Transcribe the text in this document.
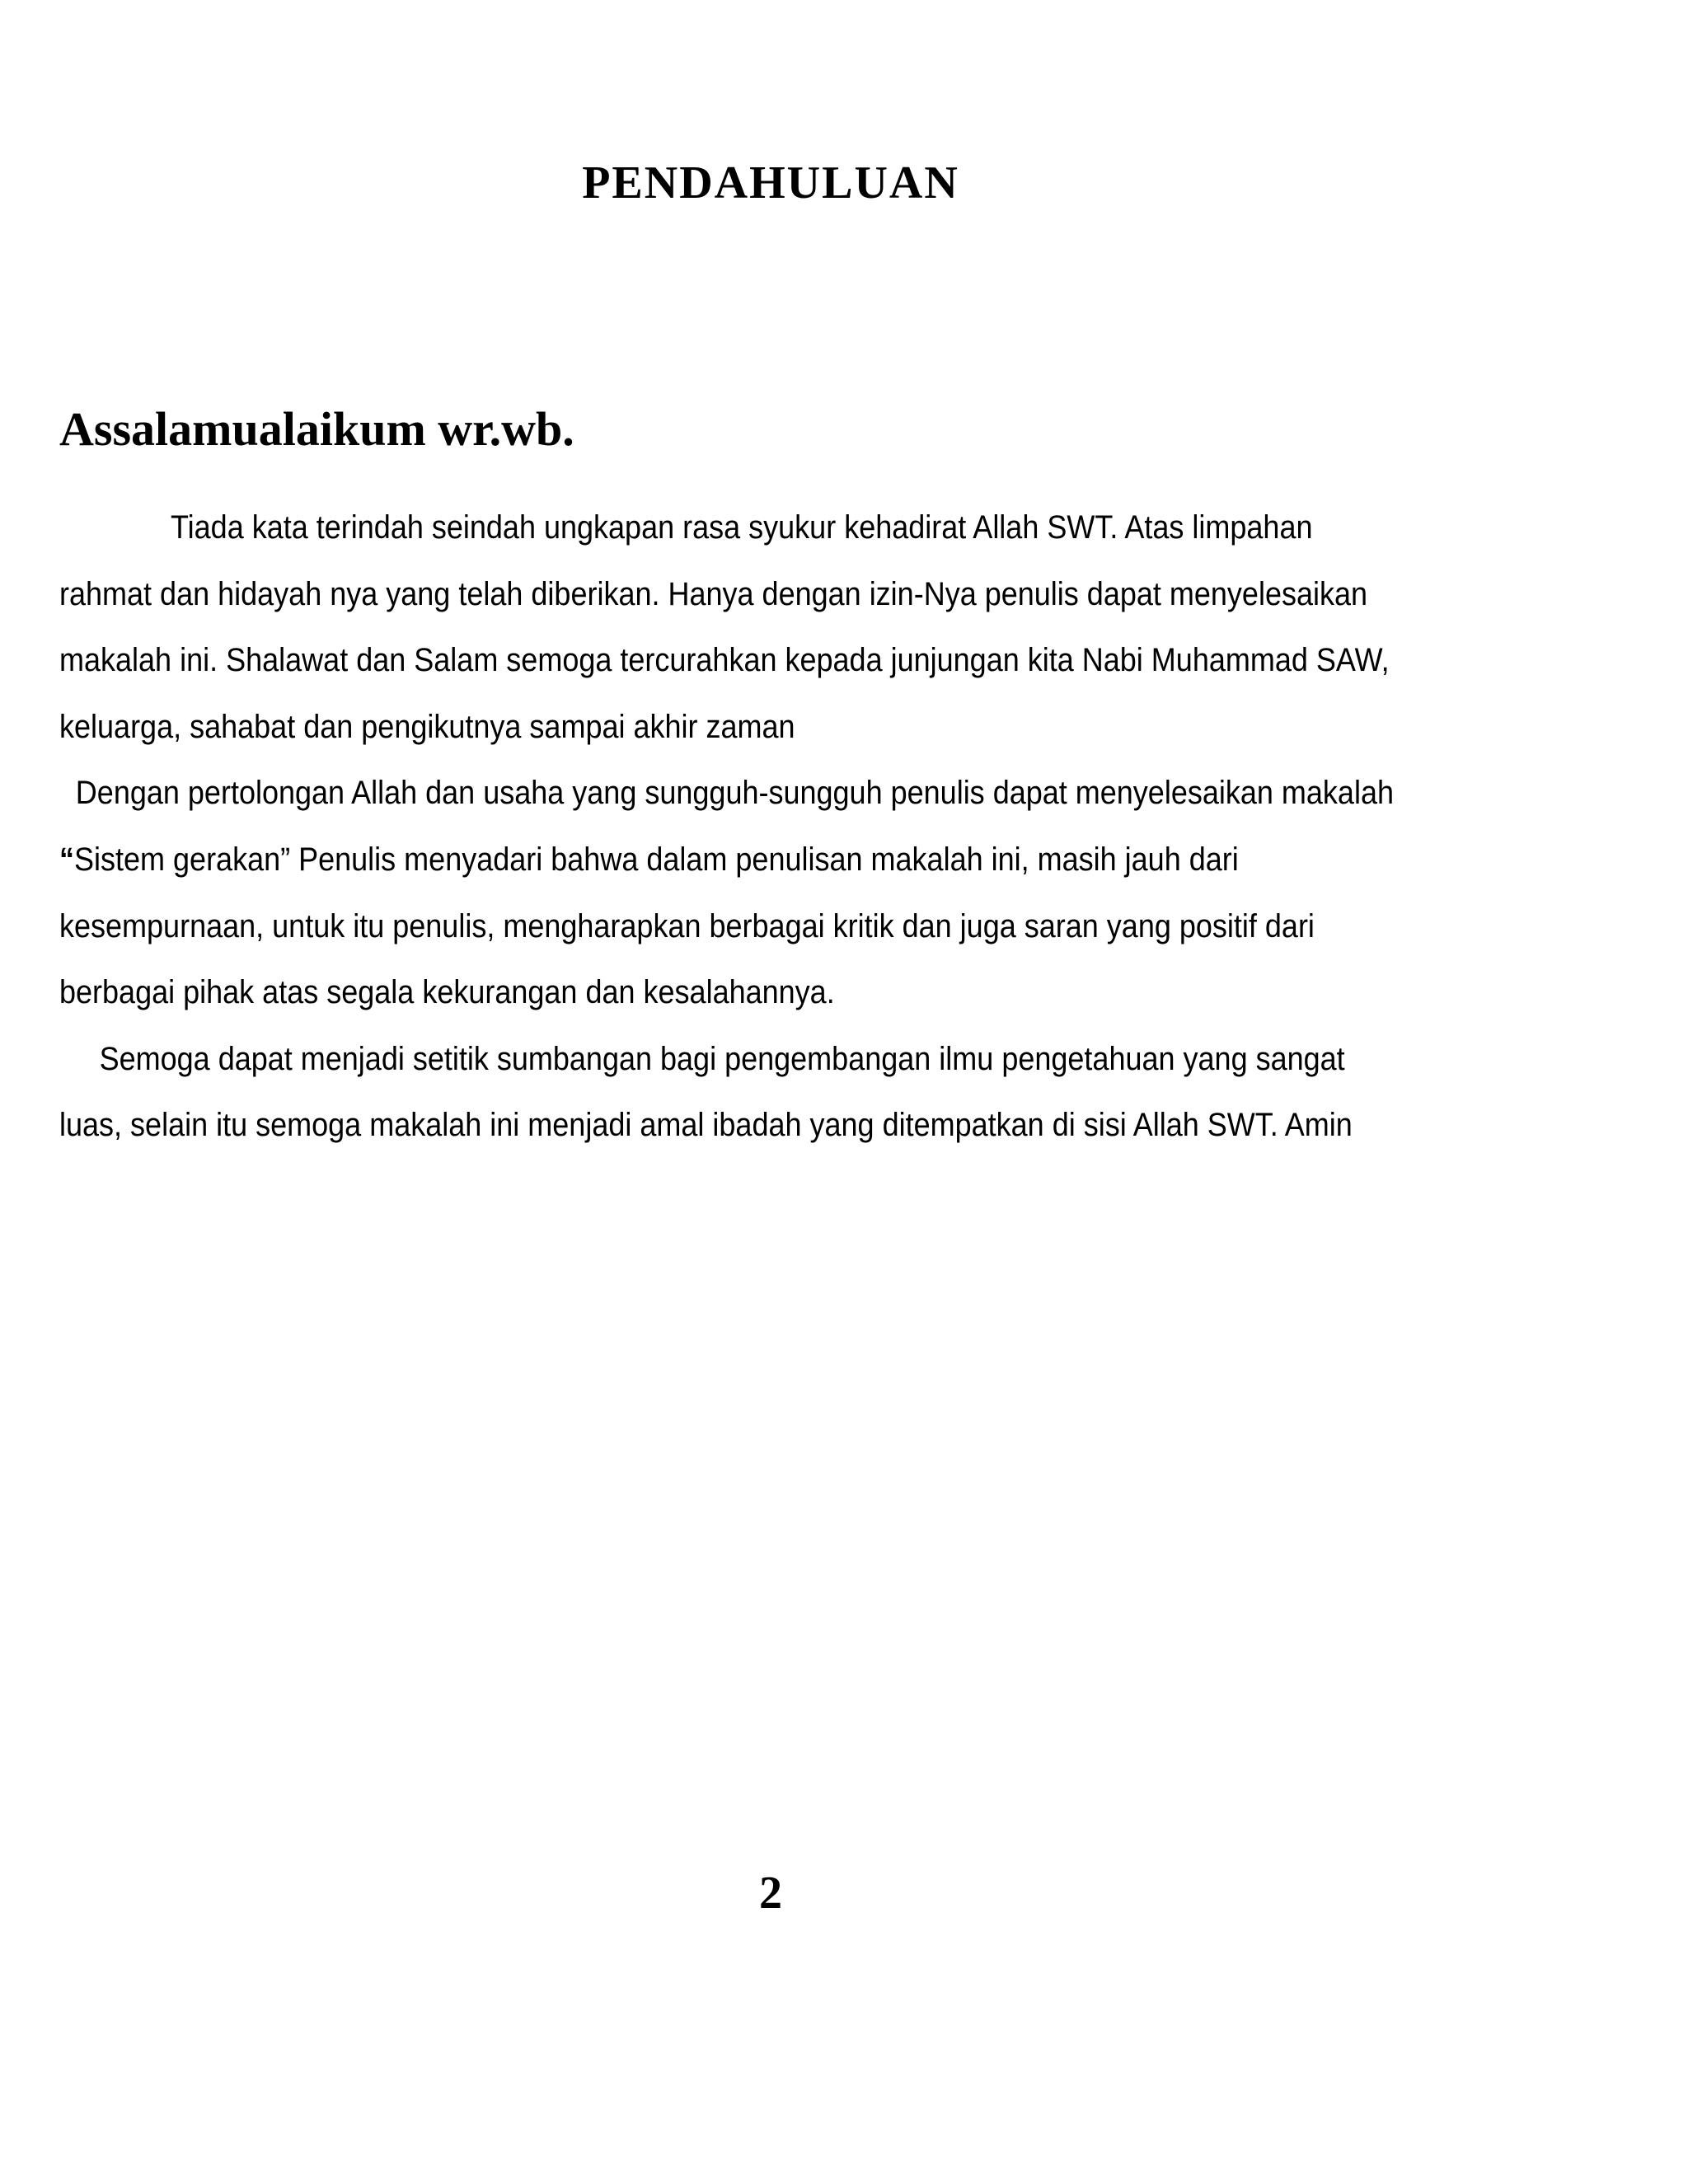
PENDAHULUAN
Assalamualaikum wr.wb.
Tiada kata terindah seindah ungkapan rasa syukur kehadirat Allah SWT. Atas limpahan
rahmat dan hidayah nya yang telah diberikan. Hanya dengan izin-Nya penulis dapat menyelesaikan
makalah ini. Shalawat dan Salam semoga tercurahkan kepada junjungan kita Nabi Muhammad SAW,
keluarga, sahabat dan pengikutnya sampai akhir zaman
Dengan pertolongan Allah dan usaha yang sungguh-sungguh penulis dapat menyelesaikan makalah
“Sistem gerakan” Penulis menyadari bahwa dalam penulisan makalah ini, masih jauh dari
kesempurnaan, untuk itu penulis, mengharapkan berbagai kritik dan juga saran yang positif dari
berbagai pihak atas segala kekurangan dan kesalahannya.
Semoga dapat menjadi setitik sumbangan bagi pengembangan ilmu pengetahuan yang sangat
luas, selain itu semoga makalah ini menjadi amal ibadah yang ditempatkan di sisi Allah SWT. Amin
2
